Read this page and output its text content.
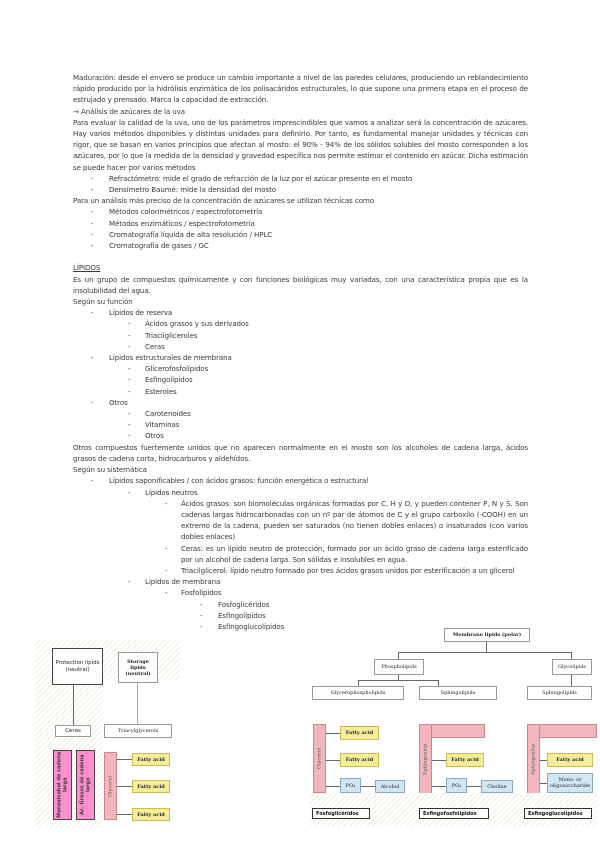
Maduración: desde el envero se produce un cambio importante a nivel de las paredes celulares, produciendo un reblandecimiento rápido producido por la hidrólisis enzimática de los polisacáridos estructurales, lo que supone una primera etapa en el proceso de estrujado y prensado. Marca la capacidad de extracción.

→ Análisis de azúcares de la uva

Para evaluar la calidad de la uva, uno de los parámetros imprescindibles que vamos a analizar será la concentración de azúcares. Hay varios métodos disponibles y distintas unidades para definirlo. Por tanto, es fundamental manejar unidades y técnicas con rigor, que se basan en varios principios que afectan al mosto: el 90% - 94% de los sólidos solubles del mosto corresponden a los azúcares, por lo que la medida de la densidad y gravedad específica nos permite estimar el contenido en azúcar. Dicha estimación se puede hacer por varios métodos

- Refractómetro: mide el grado de refracción de la luz por el azúcar presente en el mosto
- Densímetro Baumé: mide la densidad del mosto

Para un análisis más preciso de la concentración de azúcares se utilizan técnicas como

- Métodos colorimétricos / espectrofotometría
- Métodos enzimáticos / espectrofotometría
- Cromatografía líquida de alta resolución / HPLC
- Cromatografía de gases / GC

LÍPIDOS

Es un grupo de compuestos químicamente y con funciones biológicas muy variadas, con una característica propia que es la insolubilidad del agua.

Según su función

- Lípidos de reserva
- Ácidos grasos y sus derivados
- Triacilgliceroles
- Ceras
- Lípidos estructurales de membrana
- Glicerofosfolípidos
- Esfingolípidos
- Esteroles
- Otros
- Carotenoides
- Vitaminas
- Otros

Otros compuestos fuertemente unidos que no aparecen normalmente en el mosto son los alcoholes de cadena larga, ácidos grasos de cadena corta, hidrocarburos y aldehídos.

Según su sistemática

- Lípidos saponificables / con ácidos grasos: función energética o estructural
- Lípidos neutros
- Ácidos grasos: son biomoléculas orgánicas formadas por C, H y O, y pueden contener P, N y S. Son cadenas largas hidrocarbonadas con un nº par de átomos de C y el grupo carboxilo (-COOH) en un extremo de la cadena, pueden ser saturados (no tienen dobles enlaces) o insaturados (con varios dobles enlaces)
- Ceras: es un lípido neutro de protección, formado por un ácido graso de cadena larga esterificado por un alcohol de cadena larga. Son sólidas e insolubles en agua.
- Triacilglicerol: lípido neutro formado por tres ácidos grasos unidos por esterificación a un glicerol
- Lípidos de membrana
- Fosfolípidos
- Fosfoglicéridos
- Esfingolípidos
- Esfingoglucolípidos
Protection lipids (neutral)
Storage lipids (neutral)
Ceras	Triacylglycerols
Monoalcohol de cadena larga	Ac. Grasos de cadena larga	Glycerol
Fatty acid
Fatty acid
Fatty acid
Membrane lipids (polar)
Phospholipids	Glycolipids
Glycerophospholipids	Sphingolipids	Sphingolipids
Glycerol
Fatty acid
Fatty acid
PO₄	Alcohol
Sphingosine	Fatty acid
PO₄	Choline
Sphingosine	Fatty acid
Mono- or oligosaccharide
Fosfoglicéridos	Esfingofosfolípidos	Esfingoglucolípidos
